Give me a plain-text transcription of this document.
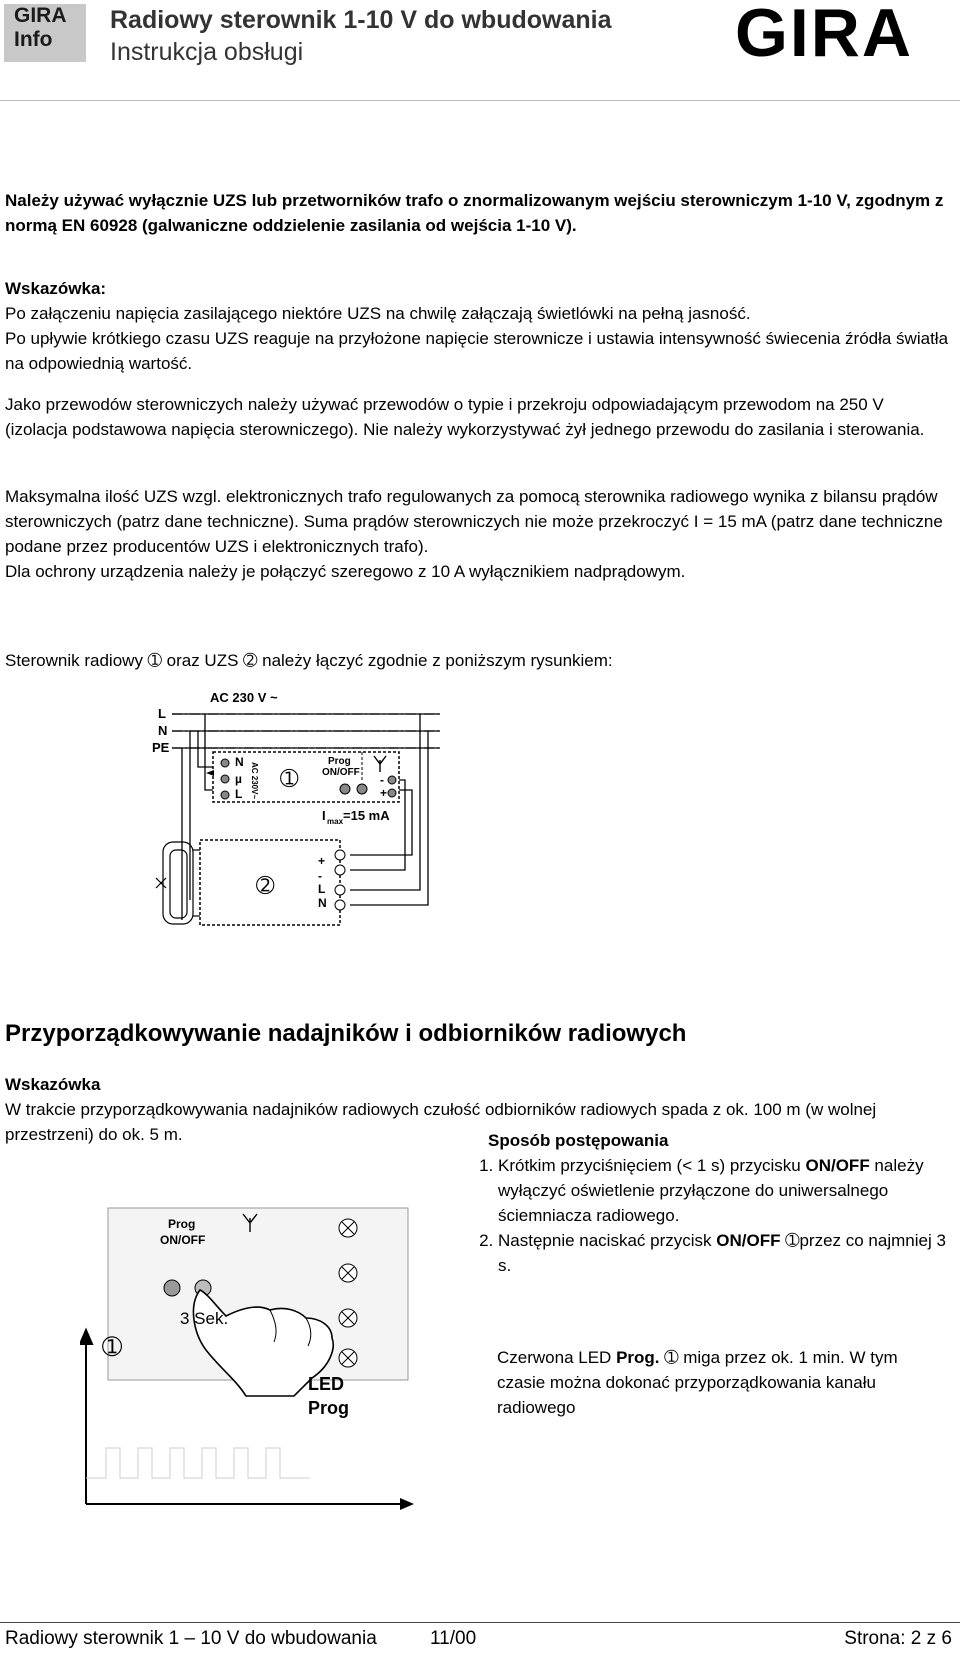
GIRA
Info
Radiowy sterownik 1-10 V do wbudowania
Instrukcja obsługi	GIRA
Należy używać wyłącznie UZS lub przetworników trafo o znormalizowanym wejściu sterowniczym 1-10 V, zgodnym z normą EN 60928 (galwaniczne oddzielenie zasilania od wejścia 1-10 V).
Wskazówka:
Po załączeniu napięcia zasilającego niektóre UZS na chwilę załączają świetlówki na pełną jasność.
Po upływie krótkiego czasu UZS reaguje na przyłożone napięcie sterownicze i ustawia intensywność świecenia źródła światła na odpowiednią wartość.
Jako przewodów sterowniczych należy używać przewodów o typie i przekroju odpowiadającym przewodom na 250 V (izolacja podstawowa napięcia sterowniczego). Nie należy wykorzystywać żył jednego przewodu do zasilania i sterowania.
Maksymalna ilość UZS wzgl. elektronicznych trafo regulowanych za pomocą sterownika radiowego wynika z bilansu prądów sterowniczych (patrz dane techniczne). Suma prądów sterowniczych nie może przekroczyć I = 15 mA (patrz dane techniczne podane przez producentów UZS i elektronicznych trafo).
Dla ochrony urządzenia należy je połączyć szeregowo z 10 A wyłącznikiem nadprądowym.
Sterownik radiowy ➀ oraz UZS ➁ należy łączyć zgodnie z poniższym rysunkiem:
AC 230 V ~
L
N
PE
N
µ
L AC 230V~ ➀
Prog
ON/OFF
-
+
I max =15 mA
➁
+
-
L
N
Przyporządkowywanie nadajników i odbiorników radiowych
Wskazówka
W trakcie przyporządkowywania nadajników radiowych czułość odbiorników radiowych spada z ok. 100 m (w wolnej przestrzeni) do ok. 5 m.
Prog
ON/OFF
3 Sek.
➀
LED
Prog
Sposób postępowania
1. Krótkim przyciśnięciem (< 1 s) przycisku ON/OFF należy wyłączyć oświetlenie przyłączone do uniwersalnego ściemniacza radiowego.
2. Następnie naciskać przycisk ON/OFF ➀przez co najmniej 3 s.
Czerwona LED Prog. ➀ miga przez ok. 1 min. W tym czasie można dokonać przyporządkowania kanału radiowego
Radiowy sterownik 1 – 10 V do wbudowania	11/00	Strona: 2 z 6
